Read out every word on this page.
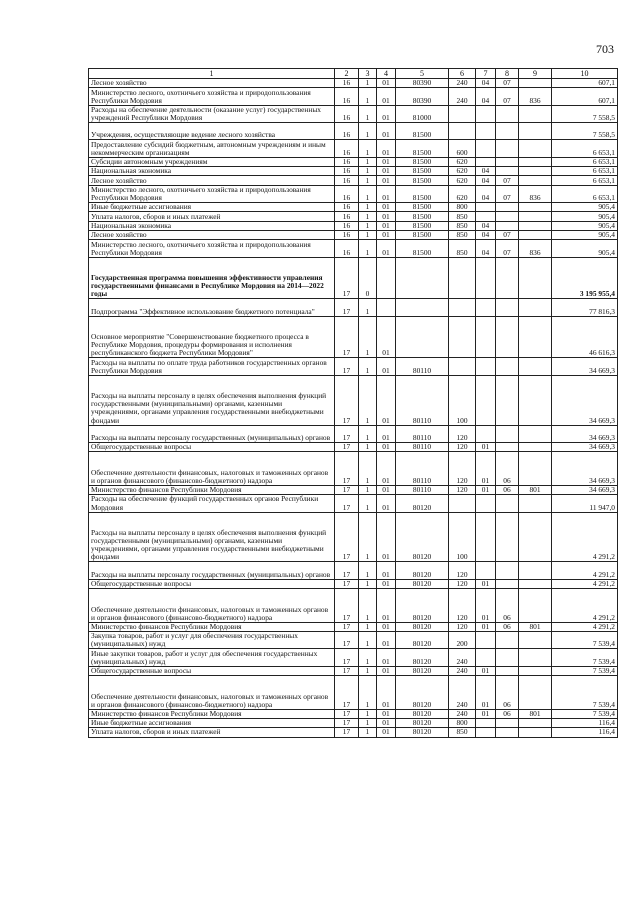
703
1	2	3	4	5	6	7	8	9	10
Лесное хозяйство	16	1	01	80390	240	04	07		607,1
Министерство лесного, охотничьего хозяйства и природопользования Республики Мордовия	16	1	01	80390	240	04	07	836	607,1
Расходы на обеспечение деятельности (оказание услуг) государственных учреждений Республики Мордовия	16	1	01	81000					7 558,5
Учреждения, осуществляющие ведение лесного хозяйства	16	1	01	81500					7 558,5
Предоставление субсидий бюджетным, автономным учреждениям и иным некоммерческим организациям	16	1	01	81500	600				6 653,1
Субсидии автономным учреждениям	16	1	01	81500	620				6 653,1
Национальная экономика	16	1	01	81500	620	04			6 653,1
Лесное хозяйство	16	1	01	81500	620	04	07		6 653,1
Министерство лесного, охотничьего хозяйства и природопользования Республики Мордовия	16	1	01	81500	620	04	07	836	6 653,1
Иные бюджетные ассигнования	16	1	01	81500	800				905,4
Уплата налогов, сборов и иных платежей	16	1	01	81500	850				905,4
Национальная экономика	16	1	01	81500	850	04			905,4
Лесное хозяйство	16	1	01	81500	850	04	07		905,4
Министерство лесного, охотничьего хозяйства и природопользования Республики Мордовия	16	1	01	81500	850	04	07	836	905,4
Государственная программа повышения эффективности управления государственными финансами в Республике Мордовия на 2014—2022 годы	17	0							3 195 955,4
Подпрограмма "Эффективное использование бюджетного потенциала"	17	1							77 816,3
Основное мероприятие "Совершенствование бюджетного процесса в Республике Мордовия, процедуры формирования и исполнения республиканского бюджета Республики Мордовия"	17	1	01						46 616,3
Расходы на выплаты по оплате труда работников государственных органов Республики Мордовия	17	1	01	80110					34 669,3
Расходы на выплаты персоналу в целях обеспечения выполнения функций государственными (муниципальными) органами, казенными учреждениями, органами управления государственными внебюджетными фондами	17	1	01	80110	100				34 669,3
Расходы на выплаты персоналу государственных (муниципальных) органов	17	1	01	80110	120				34 669,3
Общегосударственные вопросы	17	1	01	80110	120	01			34 669,3
Обеспечение деятельности финансовых, налоговых и таможенных органов и органов финансового (финансово-бюджетного) надзора	17	1	01	80110	120	01	06		34 669,3
Министерство финансов Республики Мордовия	17	1	01	80110	120	01	06	801	34 669,3
Расходы на обеспечение функций государственных органов Республики Мордовия	17	1	01	80120					11 947,0
Расходы на выплаты персоналу в целях обеспечения выполнения функций государственными (муниципальными) органами, казенными учреждениями, органами управления государственными внебюджетными фондами	17	1	01	80120	100				4 291,2
Расходы на выплаты персоналу государственных (муниципальных) органов	17	1	01	80120	120				4 291,2
Общегосударственные вопросы	17	1	01	80120	120	01			4 291,2
Обеспечение деятельности финансовых, налоговых и таможенных органов и органов финансового (финансово-бюджетного) надзора	17	1	01	80120	120	01	06		4 291,2
Министерство финансов Республики Мордовия	17	1	01	80120	120	01	06	801	4 291,2
Закупка товаров, работ и услуг для обеспечения государственных (муниципальных) нужд	17	1	01	80120	200				7 539,4
Иные закупки товаров, работ и услуг для обеспечения государственных (муниципальных) нужд	17	1	01	80120	240				7 539,4
Общегосударственные вопросы	17	1	01	80120	240	01			7 539,4
Обеспечение деятельности финансовых, налоговых и таможенных органов и органов финансового (финансово-бюджетного) надзора	17	1	01	80120	240	01	06		7 539,4
Министерство финансов Республики Мордовия	17	1	01	80120	240	01	06	801	7 539,4
Иные бюджетные ассигнования	17	1	01	80120	800				116,4
Уплата налогов, сборов и иных платежей	17	1	01	80120	850				116,4
